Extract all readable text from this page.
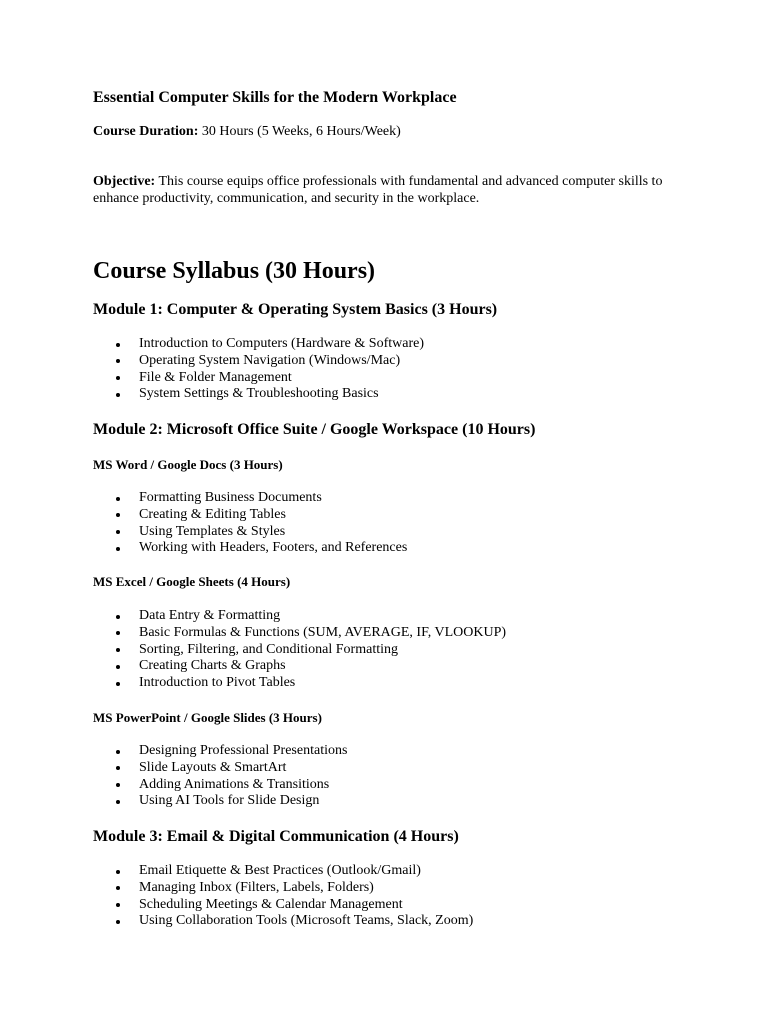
Essential Computer Skills for the Modern Workplace

Course Duration: 30 Hours (5 Weeks, 6 Hours/Week)

Objective: This course equips office professionals with fundamental and advanced computer skills to enhance productivity, communication, and security in the workplace.

Course Syllabus (30 Hours)
Module 1: Computer & Operating System Basics (3 Hours)
Introduction to Computers (Hardware & Software)
Operating System Navigation (Windows/Mac)
File & Folder Management
System Settings & Troubleshooting Basics
Module 2: Microsoft Office Suite / Google Workspace (10 Hours)
MS Word / Google Docs (3 Hours)
Formatting Business Documents
Creating & Editing Tables
Using Templates & Styles
Working with Headers, Footers, and References
MS Excel / Google Sheets (4 Hours)
Data Entry & Formatting
Basic Formulas & Functions (SUM, AVERAGE, IF, VLOOKUP)
Sorting, Filtering, and Conditional Formatting
Creating Charts & Graphs
Introduction to Pivot Tables
MS PowerPoint / Google Slides (3 Hours)
Designing Professional Presentations
Slide Layouts & SmartArt
Adding Animations & Transitions
Using AI Tools for Slide Design
Module 3: Email & Digital Communication (4 Hours)
Email Etiquette & Best Practices (Outlook/Gmail)
Managing Inbox (Filters, Labels, Folders)
Scheduling Meetings & Calendar Management
Using Collaboration Tools (Microsoft Teams, Slack, Zoom)
